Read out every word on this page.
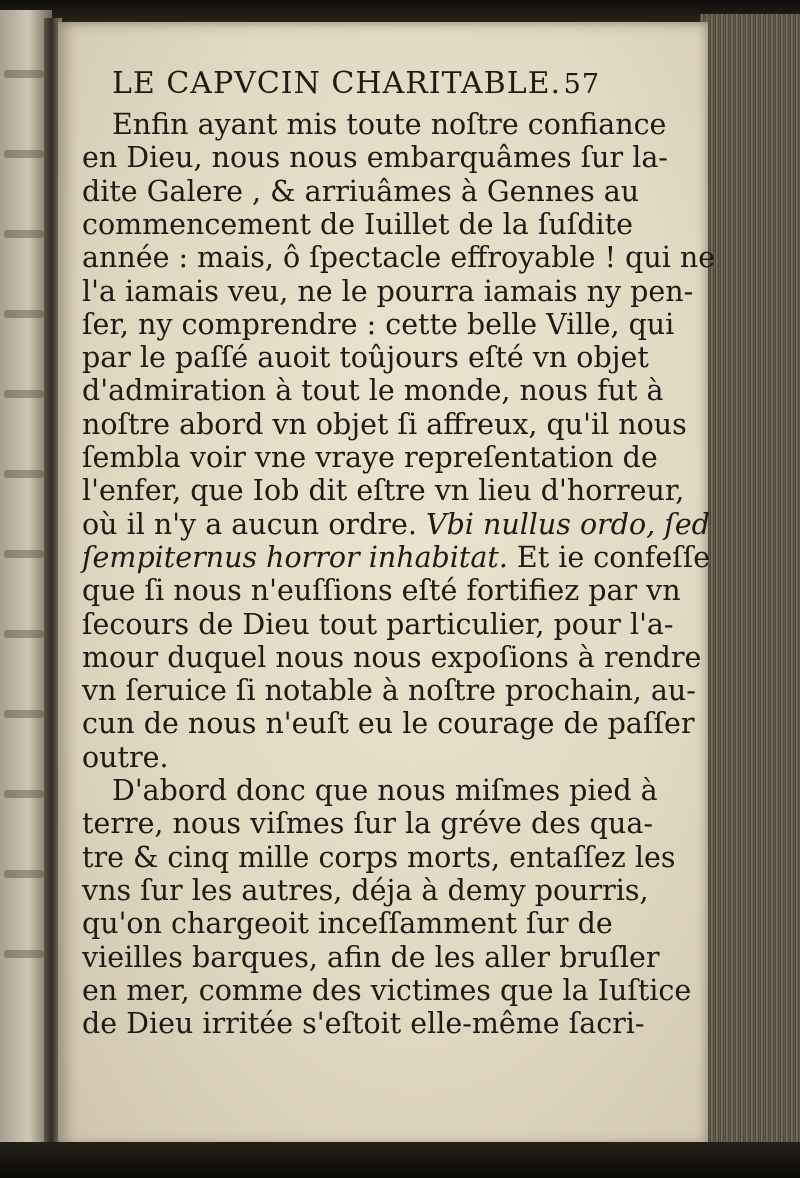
LE CAPVCIN CHARITABLE. 57
Enfin ayant mis toute noſtre confiance
en Dieu, nous nous embarquâmes ſur la-
dite Galere , & arriuâmes à Gennes au
commencement de Iuillet de la ſuſdite
année : mais, ô ſpectacle effroyable ! qui ne
l'a iamais veu, ne le pourra iamais ny pen-
ſer, ny comprendre : cette belle Ville, qui
par le paſſé auoit toûjours eſté vn objet
d'admiration à tout le monde, nous fut à
noſtre abord vn objet ſi affreux, qu'il nous
ſembla voir vne vraye repreſentation de
l'enfer, que Iob dit eſtre vn lieu d'horreur,
où il n'y a aucun ordre. Vbi nullus ordo, ſed
ſempiternus horror inhabitat. Et ie confeſſe
que ſi nous n'euſſions eſté fortifiez par vn
ſecours de Dieu tout particulier, pour l'a-
mour duquel nous nous expoſions à rendre
vn ſeruice ſi notable à noſtre prochain, au-
cun de nous n'euſt eu le courage de paſſer
outre.
D'abord donc que nous miſmes pied à
terre, nous viſmes ſur la gréve des qua-
tre & cinq mille corps morts, entaſſez les
vns ſur les autres, déja à demy pourris,
qu'on chargeoit inceſſamment ſur de
vieilles barques, afin de les aller bruſler
en mer, comme des victimes que la Iuſtice
de Dieu irritée s'eſtoit elle-même ſacri-
